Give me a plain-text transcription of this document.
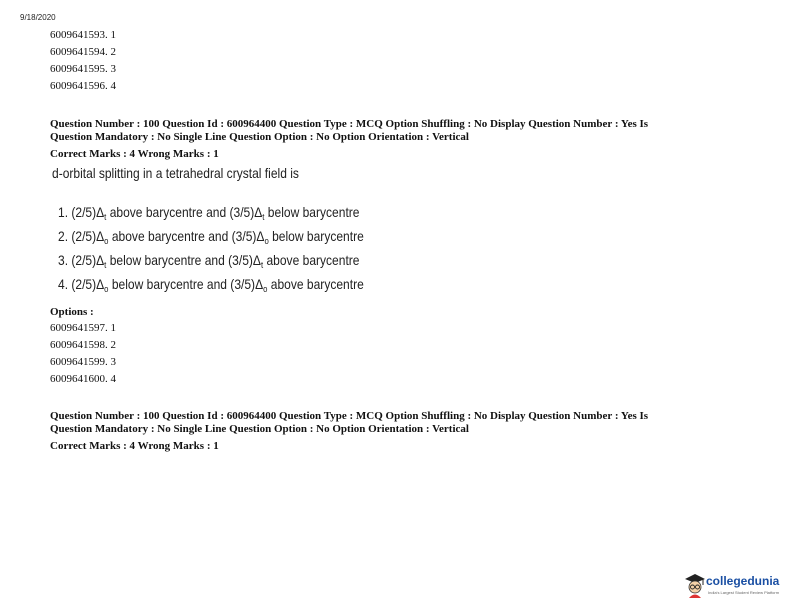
9/18/2020
6009641593. 1
6009641594. 2
6009641595. 3
6009641596. 4
Question Number : 100 Question Id : 600964400 Question Type : MCQ Option Shuffling : No Display Question Number : Yes Is
Question Mandatory : No Single Line Question Option : No Option Orientation : Vertical
Correct Marks : 4 Wrong Marks : 1
d-orbital splitting in a tetrahedral crystal field is
1. $(2/5)\Delta_t$ above barycentre and $(3/5)\Delta_t$ below barycentre
2. $(2/5)\Delta_o$ above barycentre and $(3/5)\Delta_o$ below barycentre
3. $(2/5)\Delta_t$ below barycentre and $(3/5)\Delta_t$ above barycentre
4. $(2/5)\Delta_o$ below barycentre and $(3/5)\Delta_o$ above barycentre
Options :
6009641597. 1
6009641598. 2
6009641599. 3
6009641600. 4
Question Number : 100 Question Id : 600964400 Question Type : MCQ Option Shuffling : No Display Question Number : Yes Is
Question Mandatory : No Single Line Question Option : No Option Orientation : Vertical
Correct Marks : 4 Wrong Marks : 1
collegedunia
India's Largest Student Review Platform
